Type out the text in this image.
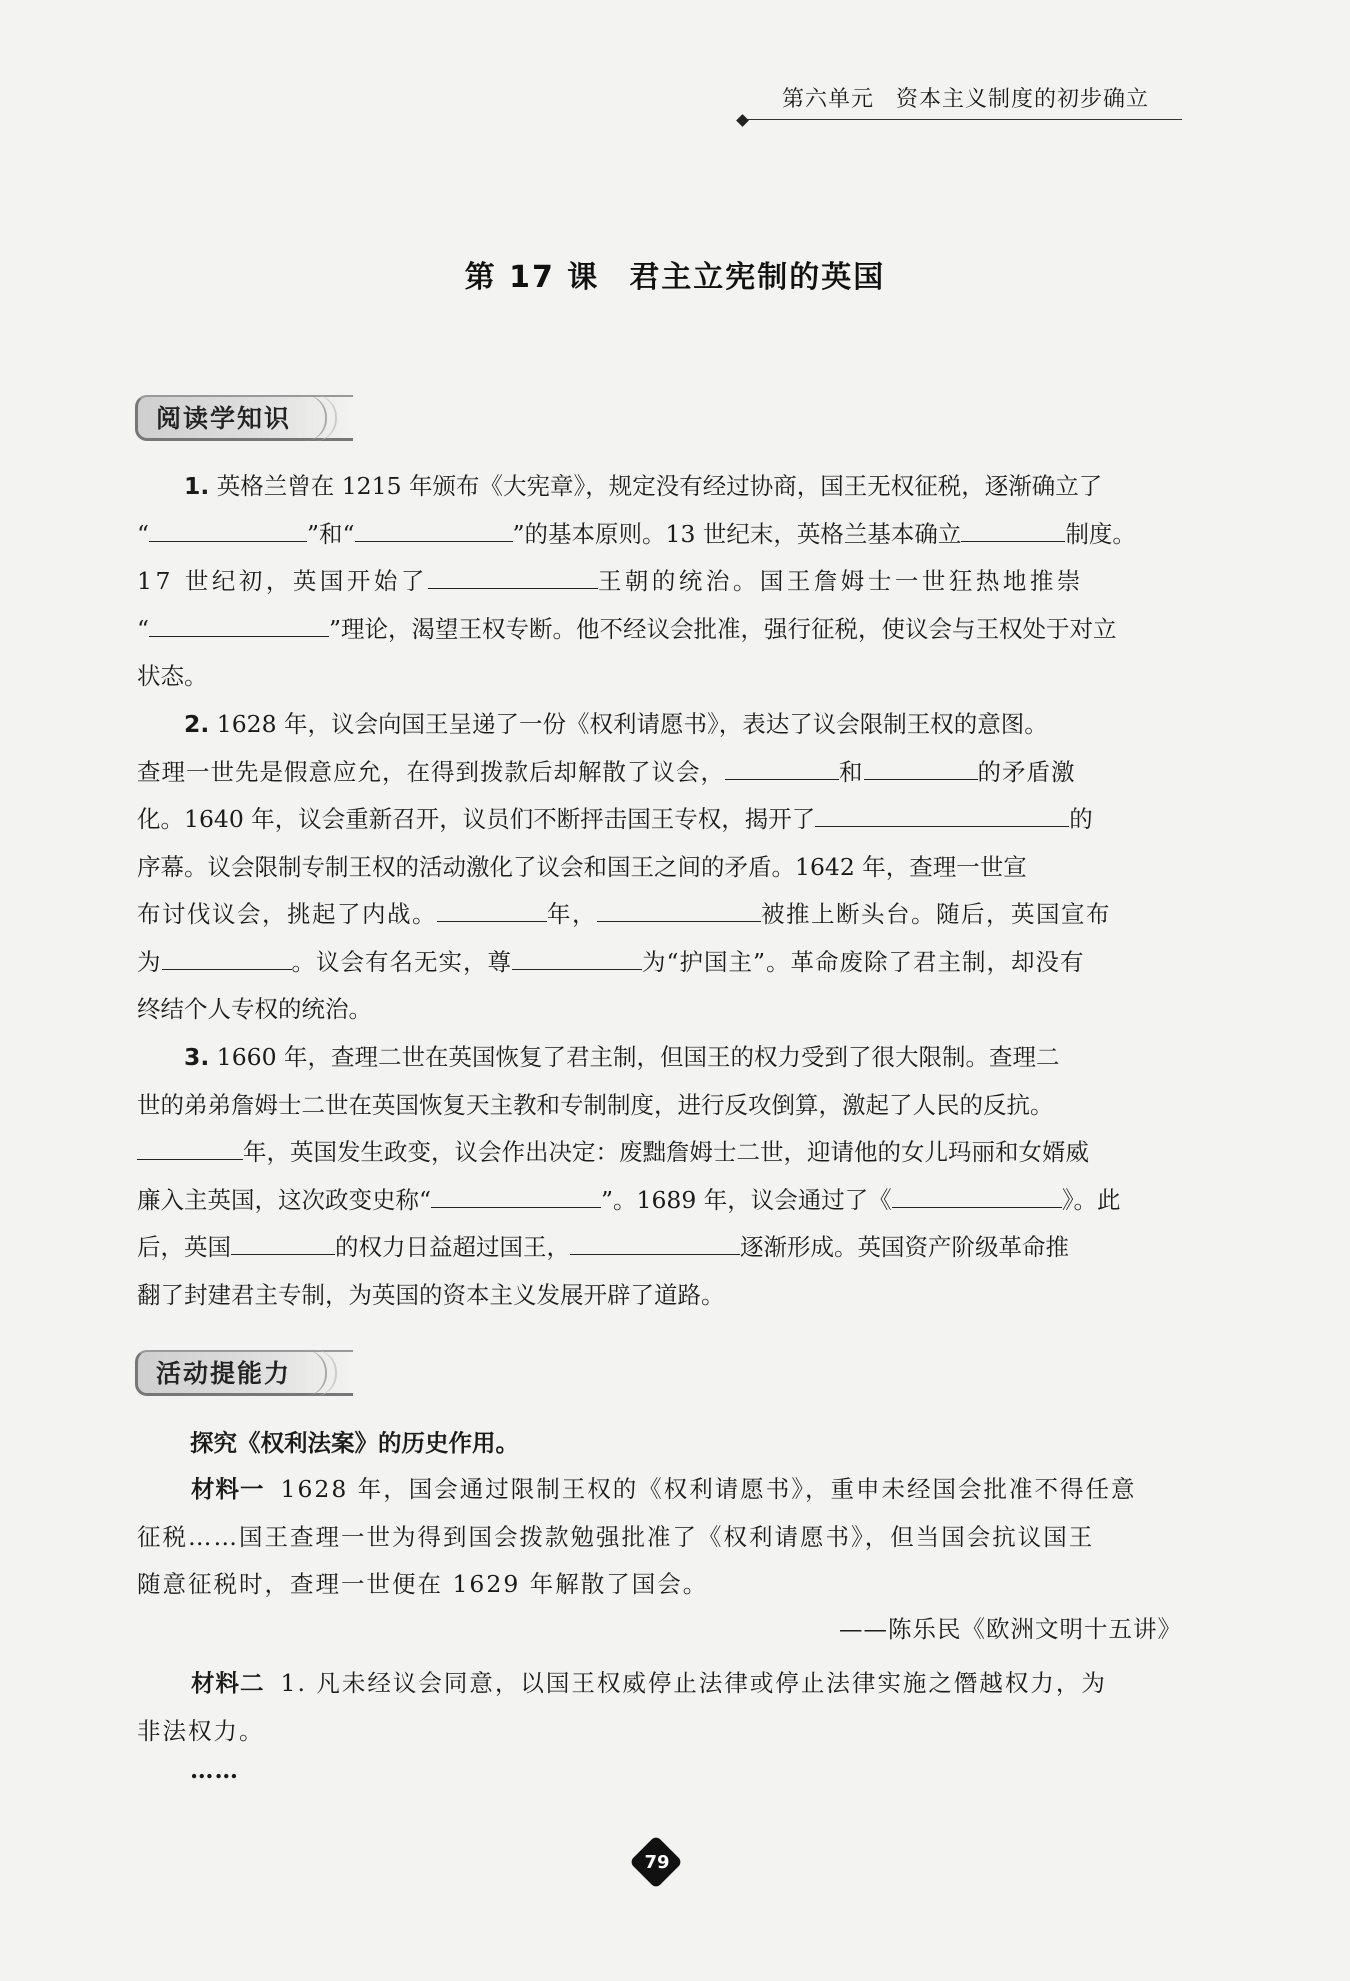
第六单元 资本主义制度的初步确立
第 17 课 君主立宪制的英国
阅读学知识

1. 英格兰曾在 1215 年颁布《大宪章》，规定没有经过协商，国王无权征税，逐渐确立了

“	”和“	”的基本原则。13 世纪末，英格兰基本确立	制度。
17 世纪初，英国开始了	王朝的统治。国王詹姆士一世狂热地推崇
“	”理论，渴望王权专断。他不经议会批准，强行征税，使议会与王权处于对立
状态。

2. 1628 年，议会向国王呈递了一份《权利请愿书》，表达了议会限制王权的意图。

查理一世先是假意应允，在得到拨款后却解散了议会，	和	的矛盾激
化。1640 年，议会重新召开，议员们不断抨击国王专权，揭开了	的
序幕。议会限制专制王权的活动激化了议会和国王之间的矛盾。1642 年，查理一世宣
布讨伐议会，挑起了内战。	年，	被推上断头台。随后，英国宣布
为	。议会有名无实，尊	为“护国主”。革命废除了君主制，却没有
终结个人专权的统治。

3. 1660 年，查理二世在英国恢复了君主制，但国王的权力受到了很大限制。查理二

世的弟弟詹姆士二世在英国恢复天主教和专制制度，进行反攻倒算，激起了人民的反抗。
年，英国发生政变，议会作出决定：废黜詹姆士二世，迎请他的女儿玛丽和女婿威
廉入主英国，这次政变史称“	”。1689 年，议会通过了《	》。此
后，英国	的权力日益超过国王，	逐渐形成。英国资产阶级革命推
翻了封建君主专制，为英国的资本主义发展开辟了道路。
活动提能力
探究《权利法案》的历史作用。

材料一 1628 年，国会通过限制王权的《权利请愿书》，重申未经国会批准不得任意

征税……国王查理一世为得到国会拨款勉强批准了《权利请愿书》，但当国会抗议国王
随意征税时，查理一世便在 1629 年解散了国会。
——陈乐民《欧洲文明十五讲》

材料二 1. 凡未经议会同意，以国王权威停止法律或停止法律实施之僭越权力，为

非法权力。
……
79
